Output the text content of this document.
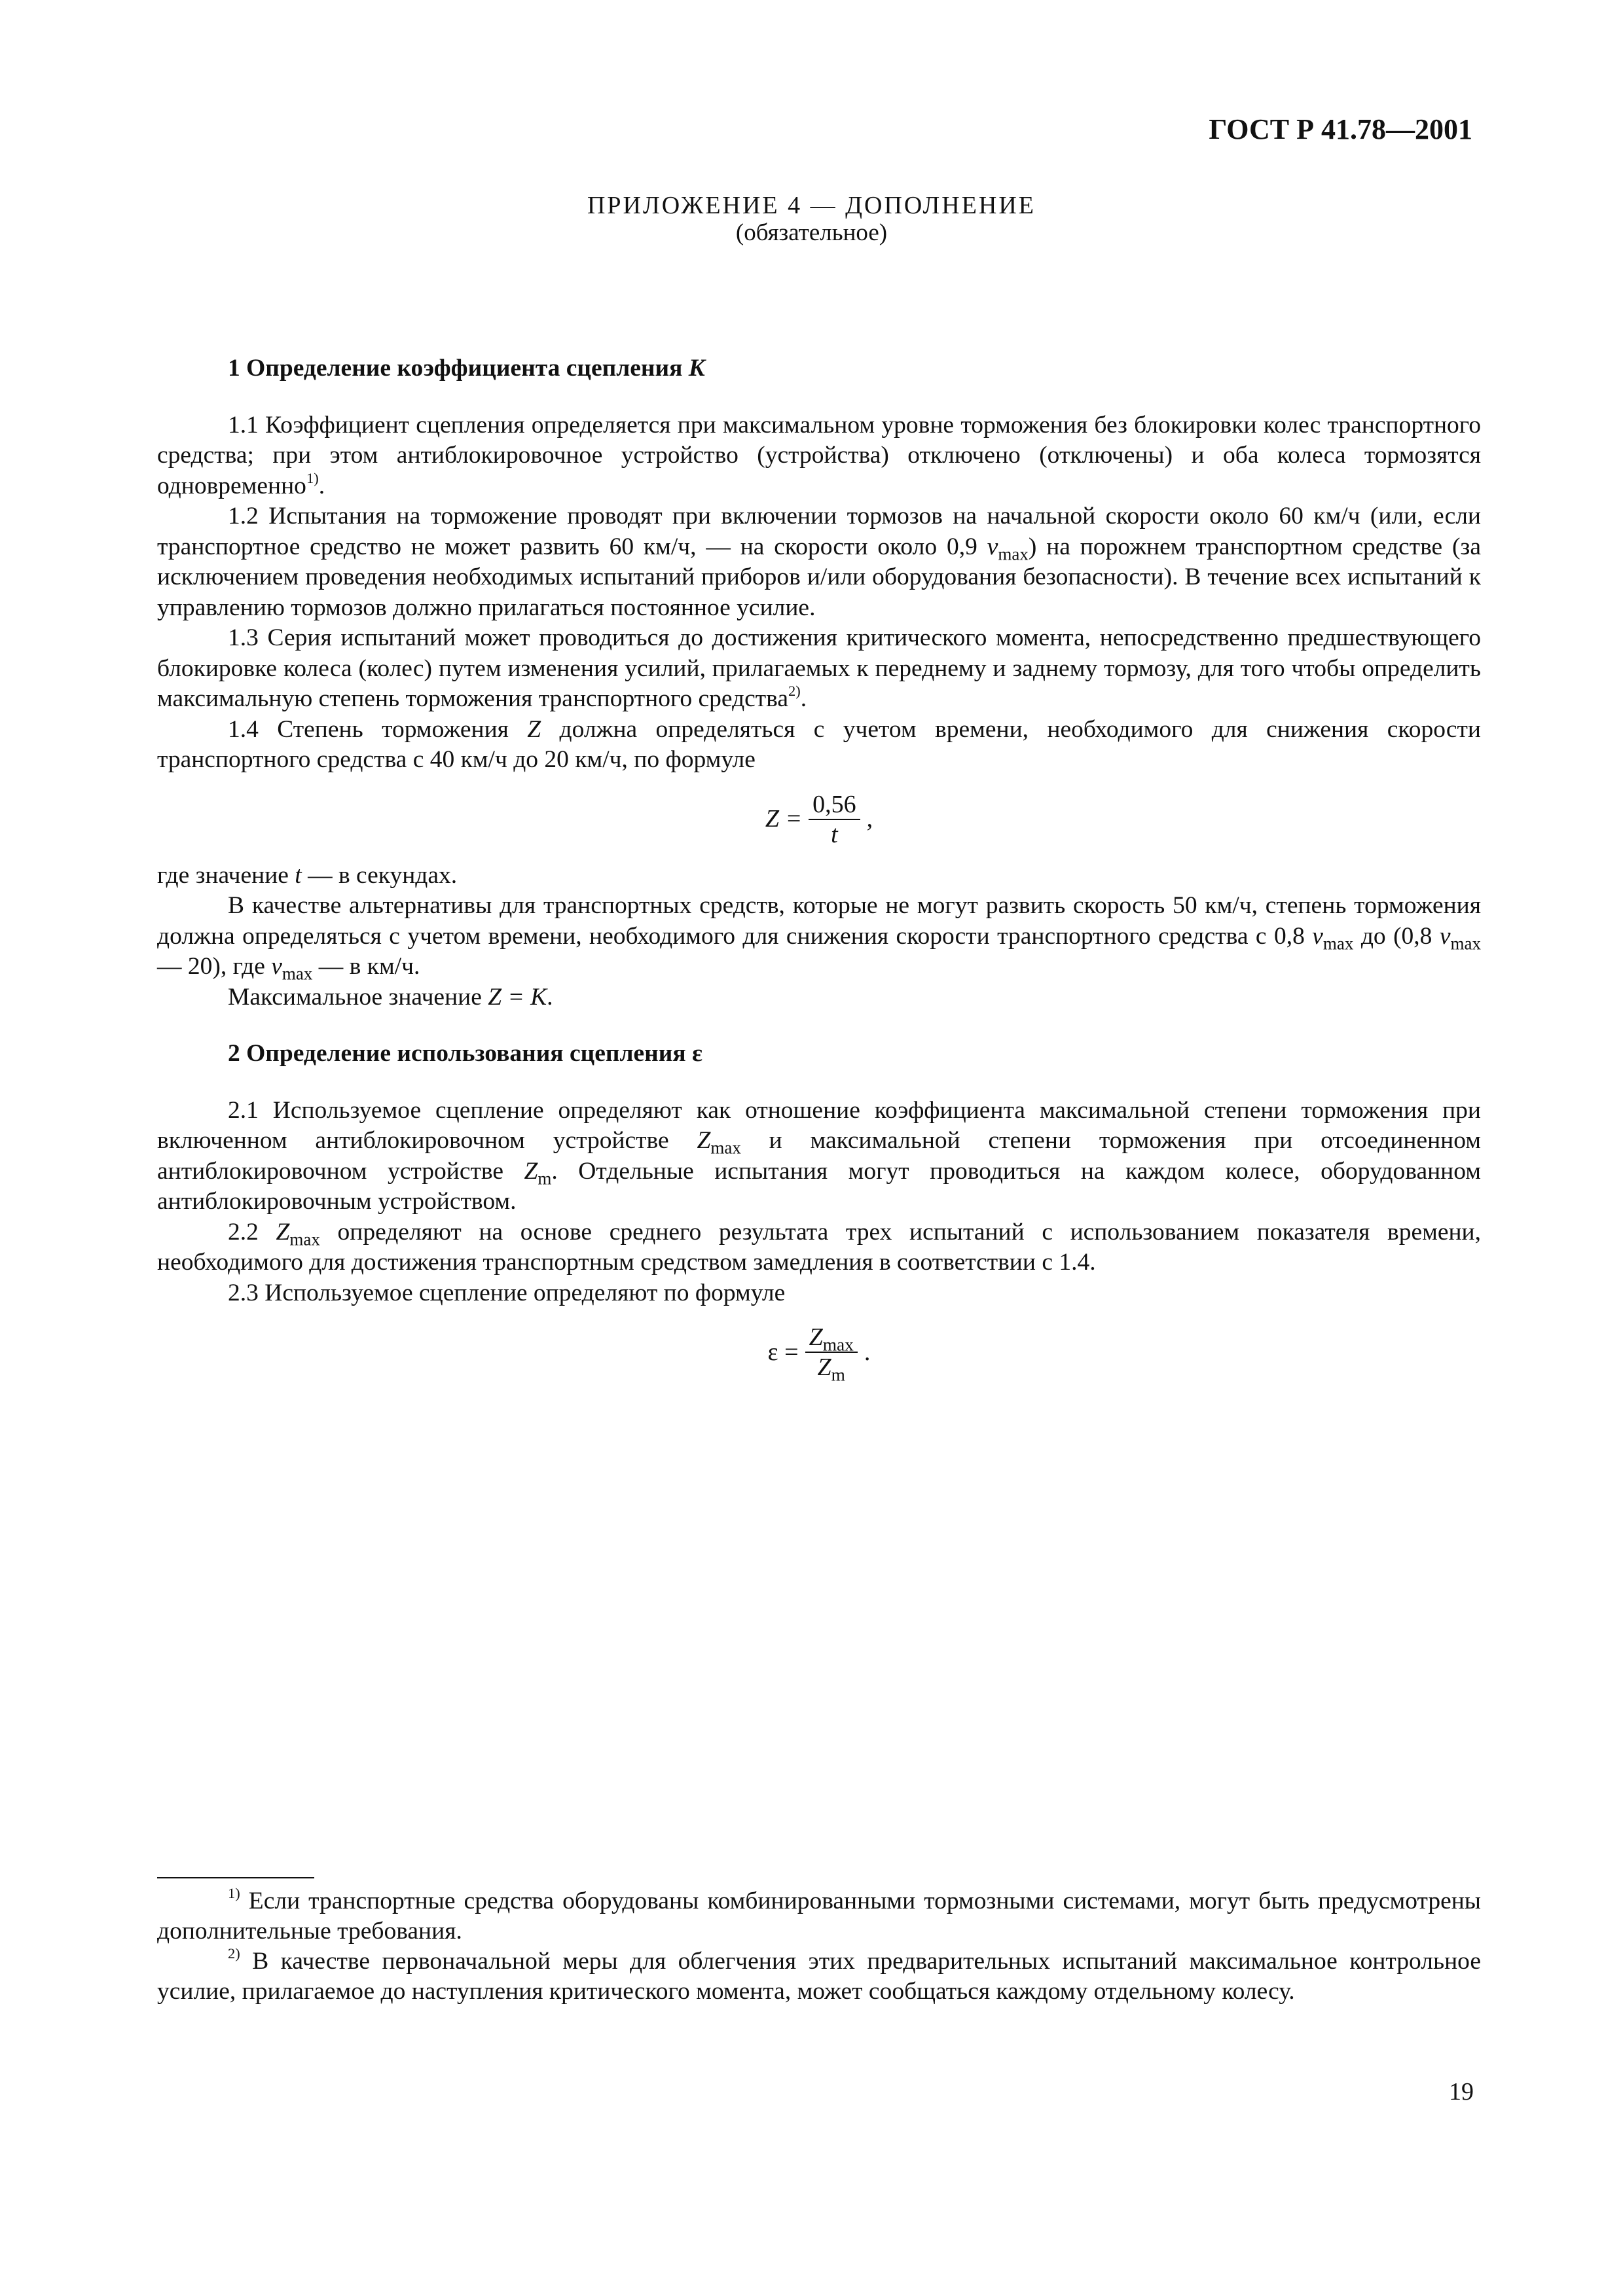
ГОСТ Р 41.78—2001
ПРИЛОЖЕНИЕ 4 — ДОПОЛНЕНИЕ
(обязательное)

1 Определение коэффициента сцепления K

1.1 Коэффициент сцепления определяется при максимальном уровне торможения без блокировки колес транспортного средства; при этом антиблокировочное устройство (устройства) отключено (отключены) и оба колеса тормозятся одновременно$^{1)}$.

1.2 Испытания на торможение проводят при включении тормозов на начальной скорости около 60 км/ч (или, если транспортное средство не может развить 60 км/ч, — на скорости около 0,9 $v_{max}$) на порожнем транспортном средстве (за исключением проведения необходимых испытаний приборов и/или оборудования безопасности). В течение всех испытаний к управлению тормозов должно прилагаться постоянное усилие.

1.3 Серия испытаний может проводиться до достижения критического момента, непосредственно предшествующего блокировке колеса (колес) путем изменения усилий, прилагаемых к переднему и заднему тормозу, для того чтобы определить максимальную степень торможения транспортного средства$^{2)}$.

1.4 Степень торможения Z должна определяться с учетом времени, необходимого для снижения скорости транспортного средства с 40 км/ч до 20 км/ч, по формуле

$Z = \frac{0,56}{t}$ ,

где значение t — в секундах.

В качестве альтернативы для транспортных средств, которые не могут развить скорость 50 км/ч, степень торможения должна определяться с учетом времени, необходимого для снижения скорости транспортного средства с 0,8 $v_{max}$ до (0,8 $v_{max}$ — 20), где $v_{max}$ — в км/ч.

Максимальное значение Z = K.

2 Определение использования сцепления ε

2.1 Используемое сцепление определяют как отношение коэффициента максимальной степени торможения при включенном антиблокировочном устройстве $Z_{max}$ и максимальной степени торможения при отсоединенном антиблокировочном устройстве $Z_m$. Отдельные испытания могут проводиться на каждом колесе, оборудованном антиблокировочным устройством.

2.2 $Z_{max}$ определяют на основе среднего результата трех испытаний с использованием показателя времени, необходимого для достижения транспортным средством замедления в соответствии с 1.4.

2.3 Используемое сцепление определяют по формуле

$\varepsilon = \frac{Z_{max}}{Z_m}$ .

$^{1)}$ Если транспортные средства оборудованы комбинированными тормозными системами, могут быть предусмотрены дополнительные требования.

$^{2)}$ В качестве первоначальной меры для облегчения этих предварительных испытаний максимальное контрольное усилие, прилагаемое до наступления критического момента, может сообщаться каждому отдельному колесу.

19
